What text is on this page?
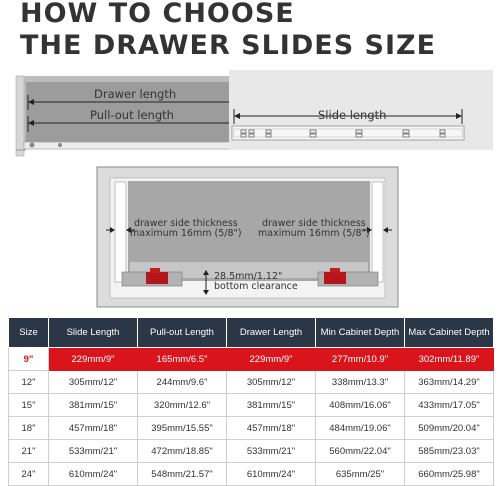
HOW TO CHOOSE
THE DRAWER SLIDES SIZE
Drawer length
Pull-out length	Slide length
drawer side thickness
maximum 16mm (5/8")
drawer side thickness
maximum 16mm (5/8")
28.5mm/1.12"
bottom clearance
Size	Slide Length	Pull-out Length	Drawer Length	Min Cabinet Depth	Max Cabinet Depth
9"	229mm/9"	165mm/6.5"	229mm/9"	277mm/10.9"	302mm/11.89"
12"	305mm/12"	244mm/9.6"	305mm/12"	338mm/13.3"	363mm/14.29"
15"	381mm/15"	320mm/12.6"	381mm/15"	408mm/16.06"	433mm/17.05"
18"	457mm/18"	395mm/15.55"	457mm/18"	484mm/19.06"	509mm/20.04"
21"	533mm/21"	472mm/18.85"	533mm/21"	560mm/22.04"	585mm/23.03"
24"	610mm/24"	548mm/21.57"	610mm/24"	635mm/25"	660mm/25.98"
